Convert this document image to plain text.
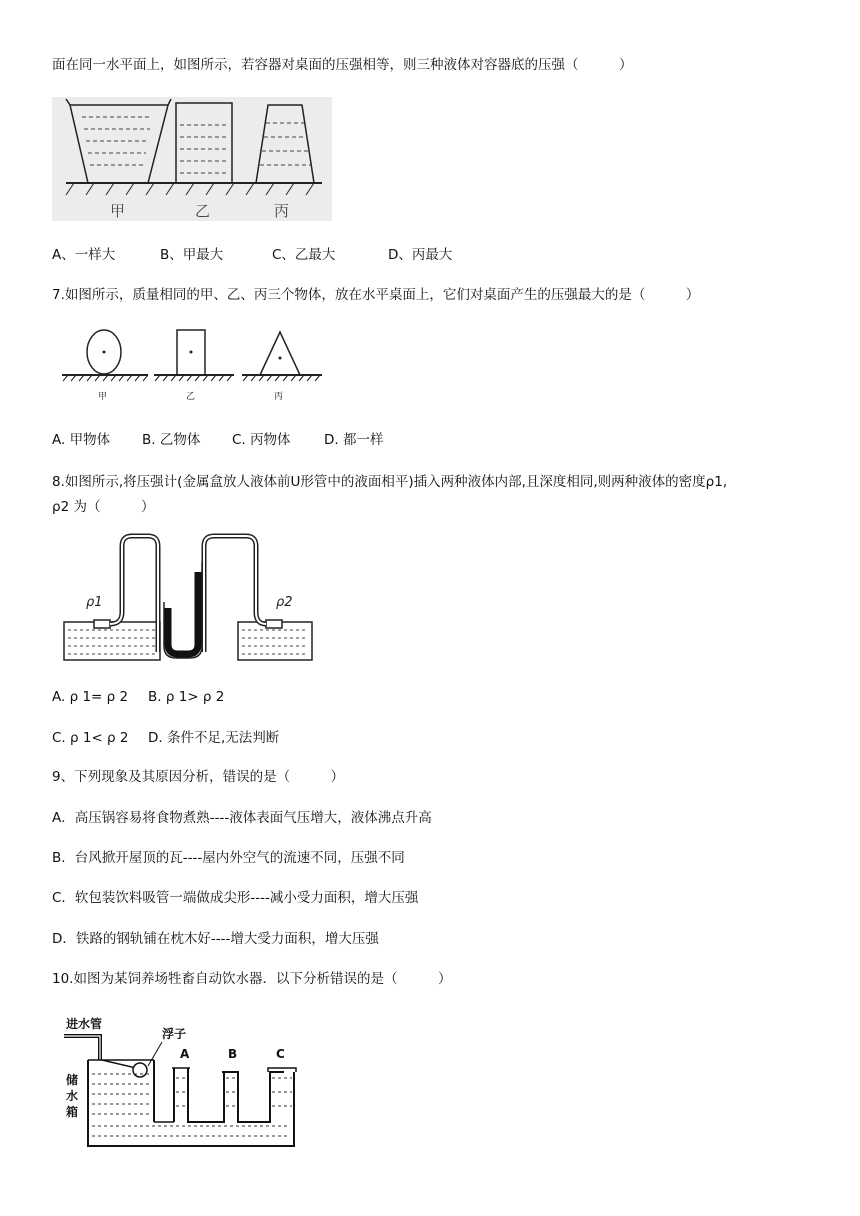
面在同一水平面上，如图所示，若容器对桌面的压强相等，则三种液体对容器底的压强（　　　）
甲	乙	丙
A、一样大	B、甲最大	C、乙最大	D、丙最大
7.如图所示，质量相同的甲、乙、丙三个物体，放在水平桌面上，它们对桌面产生的压强最大的是（　　　）
甲	乙	丙
A. 甲物体 B. 乙物体 C. 丙物体 D. 都一样
8.如图所示,将压强计(金属盒放人液体前U形管中的液面相平)插入两种液体内部,且深度相同,则两种液体的密度ρ1,
ρ2 为（　　　）
ρ1	ρ2
A. ρ 1= ρ 2 B. ρ 1> ρ 2
C. ρ 1< ρ 2 D. 条件不足,无法判断
9、下列现象及其原因分析，错误的是（　　　）
A．高压锅容易将食物煮熟----液体表面气压增大，液体沸点升高
B．台风掀开屋顶的瓦----屋内外空气的流速不同，压强不同
C．软包装饮料吸管一端做成尖形----减小受力面积，增大压强
D．铁路的钢轨铺在枕木好----增大受力面积，增大压强
10.如图为某饲养场牲畜自动饮水器．以下分析错误的是（　　　）
进水管
浮子
储
水
箱
A	B	C
